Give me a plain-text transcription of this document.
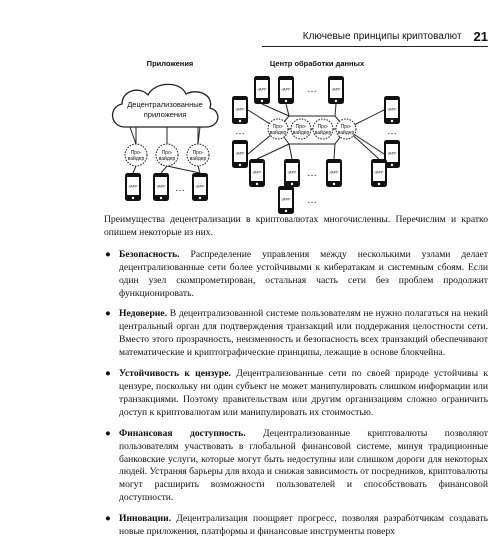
Ключевые принципы криптовалют 21
Приложения
Децентрализованные
приложения
Про-
вайдер
Про-
вайдер
Про-
вайдер
dAPP	dAPP	dAPP
…
Центр обработки данных
Про-
вайдер
Про-
вайдер
Про-
вайдер
Про-
вайдер
dAPP	dAPP	dAPP
dAPP
dAPP
dAPP
dAPP
dAPP	dAPP	dAPP	dAPP
dAPP
…
…
…	…
…

Преимущества децентрализации в криптовалютах многочисленны. Перечислим и кратко опишем некоторые из них.

● Безопасность. Распределение управления между несколькими узлами делает децентрализованные сети более устойчивыми к кибератакам и системным сбоям. Если один узел скомпрометирован, остальная часть сети без проблем продолжит функционировать.
● Недоверие. В децентрализованной системе пользователям не нужно полагаться на некий центральный орган для подтверждения транзакций или поддержания целостности сети. Вместо этого прозрачность, неизменность и безопасность всех транзакций обеспечивают математические и криптографические принципы, лежащие в основе блокчейна.
● Устойчивость к цензуре. Децентрализованные сети по своей природе устойчивы к цензуре, поскольку ни один субъект не может манипулировать слишком информации или транзакциями. Поэтому правительствам или другим организациям сложно ограничить доступ к криптовалютам или манипулировать их стоимостью.
● Финансовая доступность. Децентрализованные криптовалюты позволяют пользователям участвовать в глобальной финансовой системе, минуя традиционные банковские услуги, которые могут быть недоступны или слишком дороги для некоторых людей. Устраняя барьеры для входа и снижая зависимость от посредников, криптовалюты могут расширить возможности пользователей и способствовать финансовой доступности.
● Инновации. Децентрализация поощряет прогресс, позволяя разработчикам создавать новые приложения, платформы и финансовые инструменты поверх
